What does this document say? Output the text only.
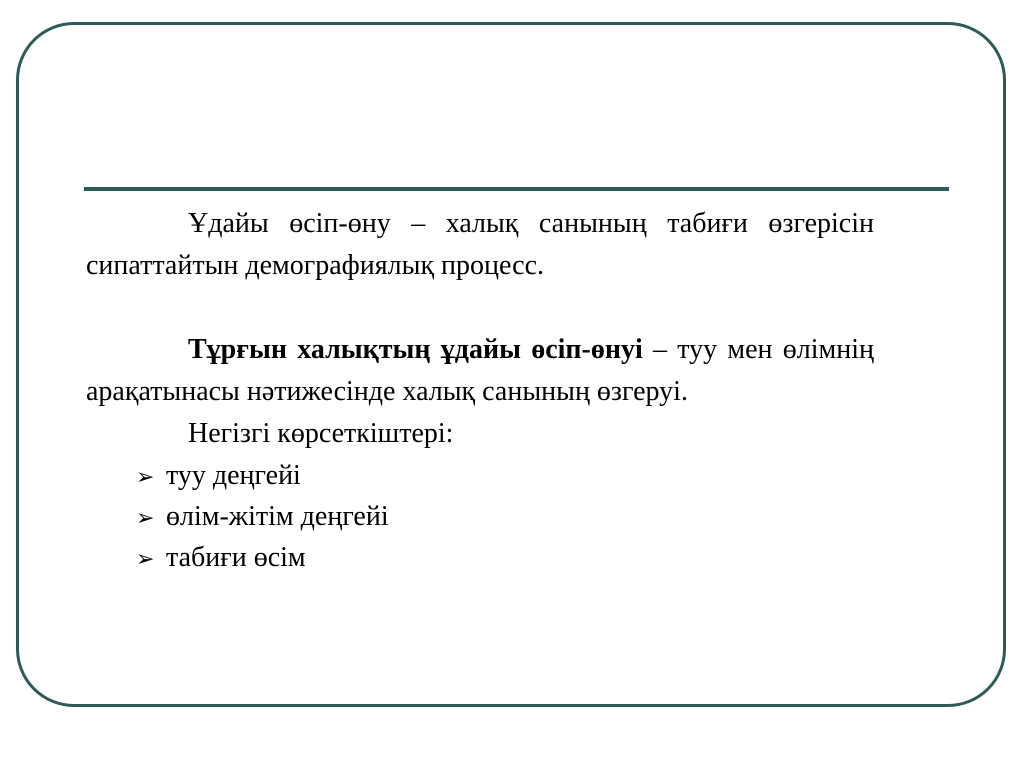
Ұдайы өсіп-өну – халық санының табиғи өзгерісін сипаттайтын демографиялық процесс.

Тұрғын халықтың ұдайы өсіп-өнуі – туу мен өлімнің арақатынасы нәтижесінде халық санының өзгеруі.

Негізгі көрсеткіштері:

➢ туу деңгейі
➢ өлім-жітім деңгейі
➢ табиғи өсім
